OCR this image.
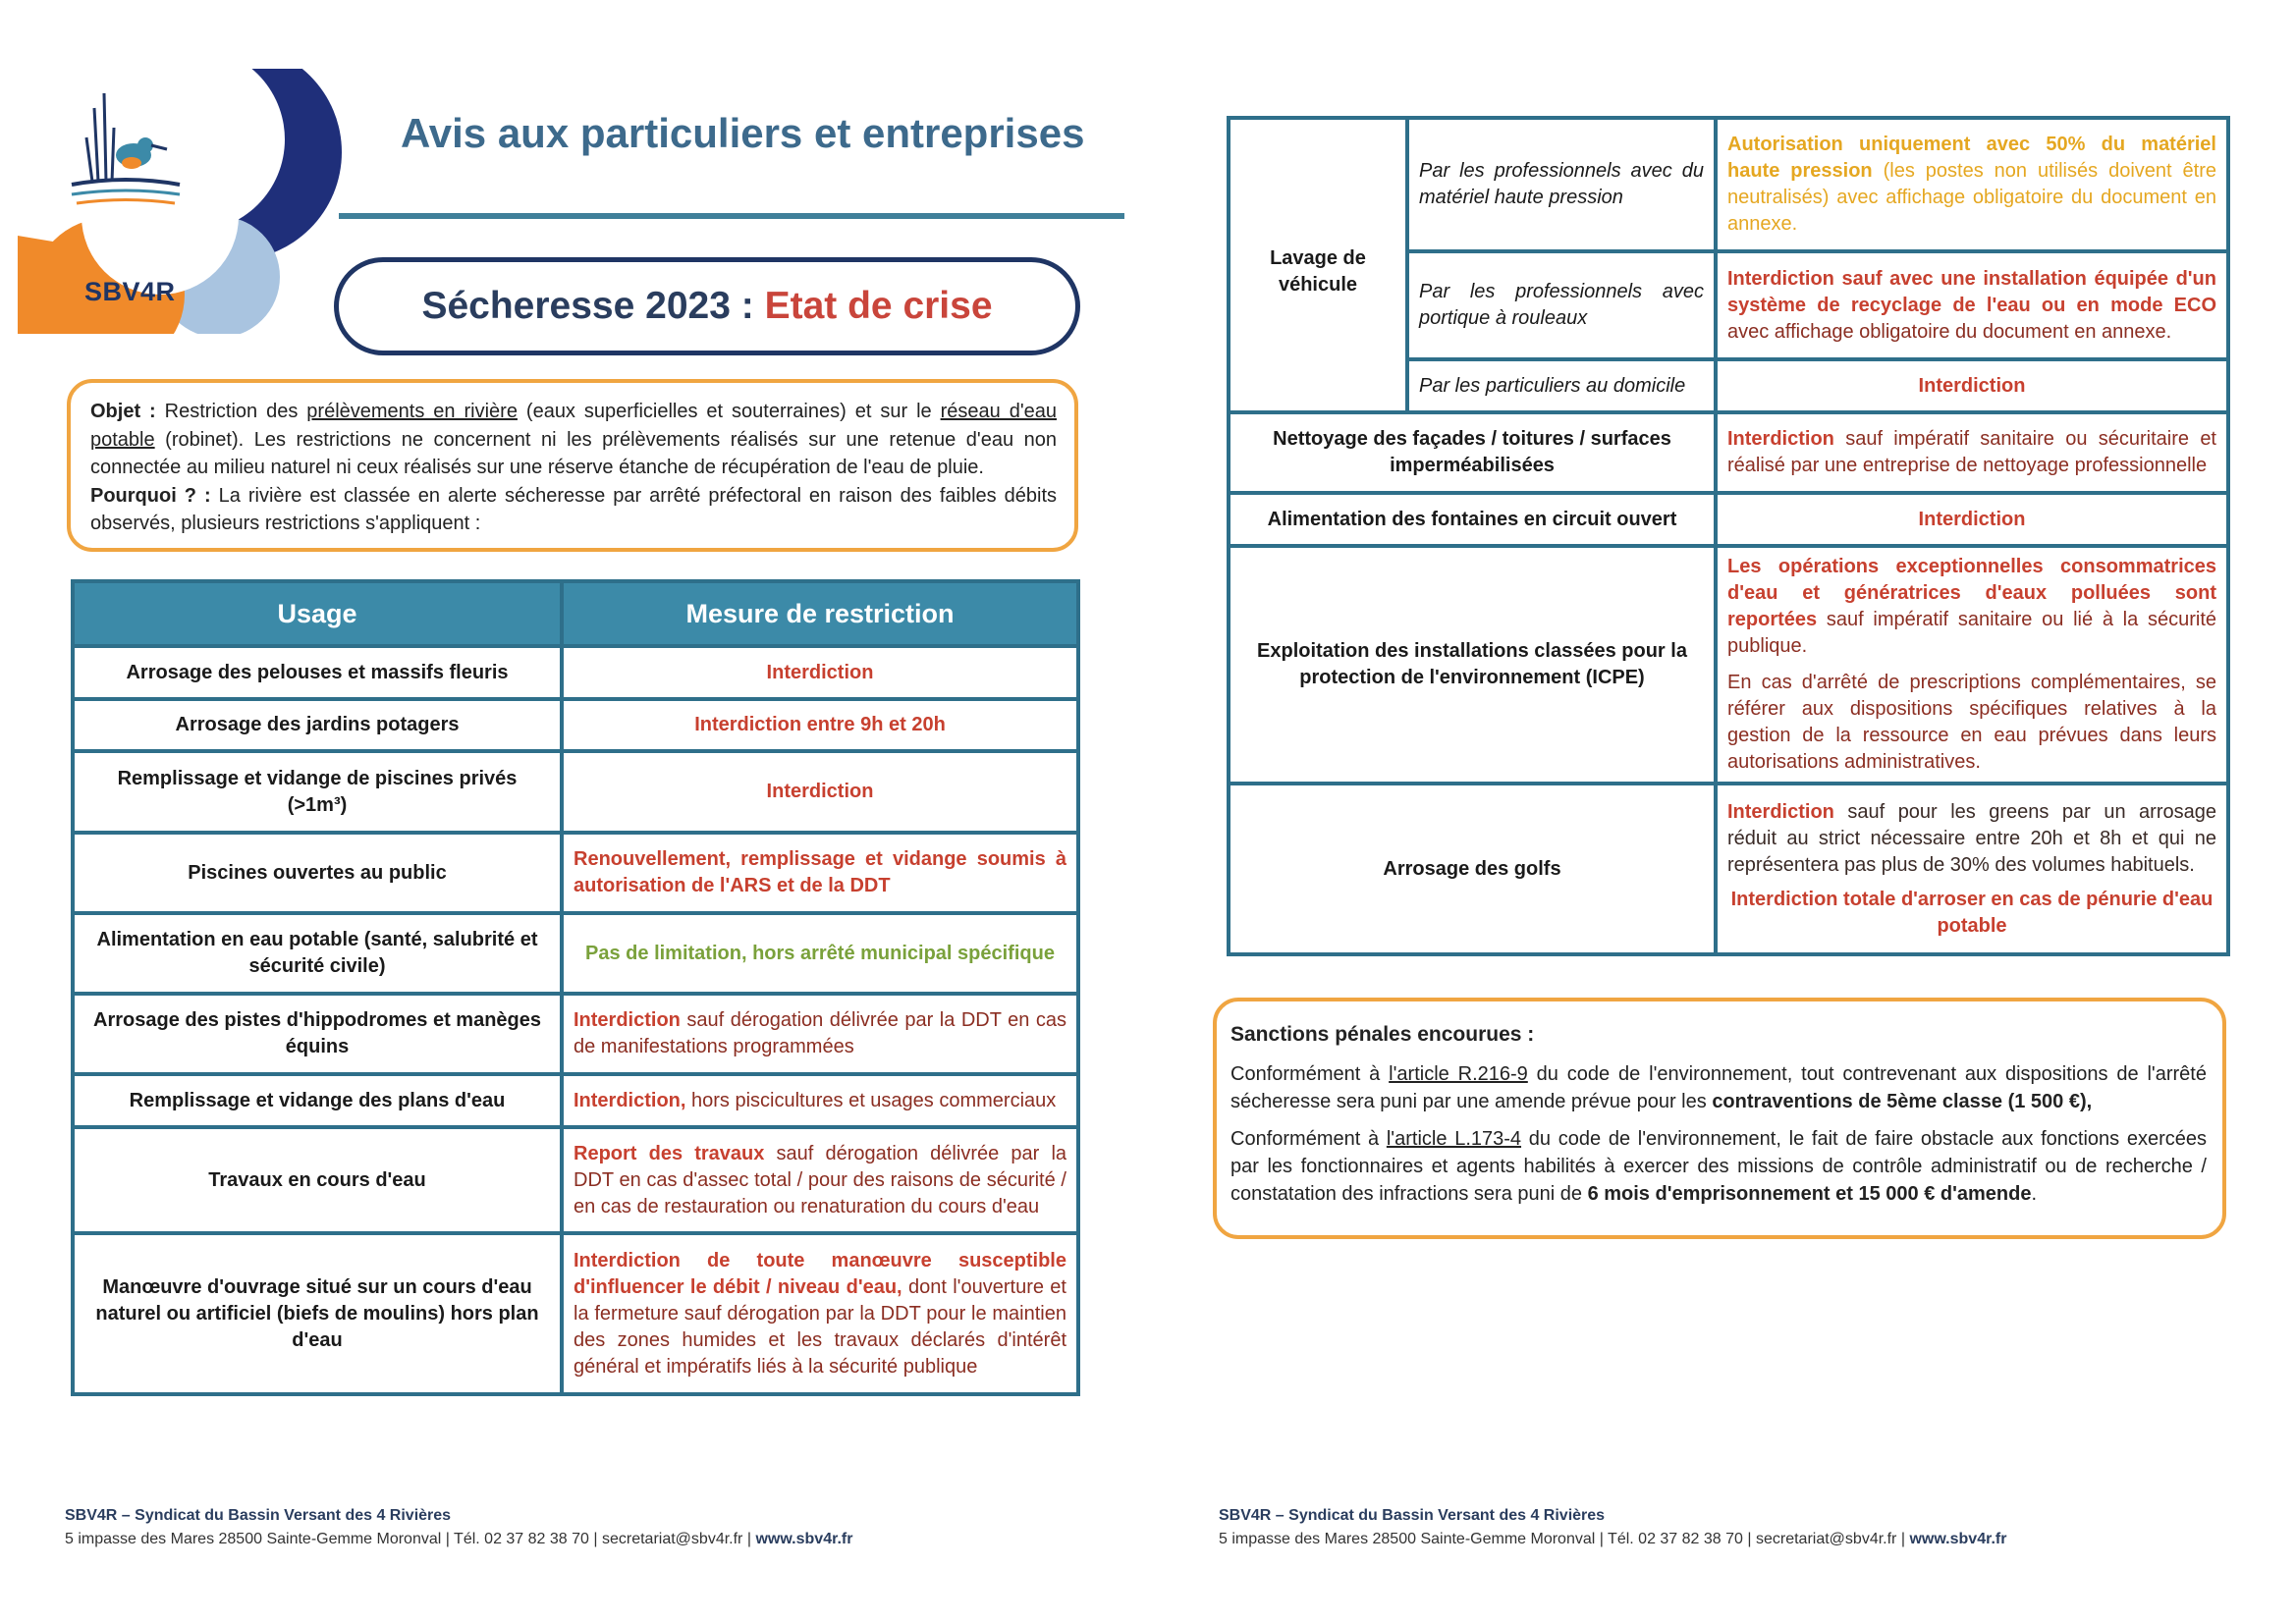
SBV4R
Avis aux particuliers et entreprises
Sécheresse 2023 : Etat de crise
Objet : Restriction des prélèvements en rivière (eaux superficielles et souterraines) et sur le réseau d'eau potable (robinet). Les restrictions ne concernent ni les prélèvements réalisés sur une retenue d'eau non connectée au milieu naturel ni ceux réalisés sur une réserve étanche de récupération de l'eau de pluie.
Pourquoi ? : La rivière est classée en alerte sécheresse par arrêté préfectoral en raison des faibles débits observés, plusieurs restrictions s'appliquent :
Usage	Mesure de restriction
Arrosage des pelouses et massifs fleuris	Interdiction
Arrosage des jardins potagers	Interdiction entre 9h et 20h
Remplissage et vidange de piscines privés
(>1m³)	Interdiction
Piscines ouvertes au public	Renouvellement, remplissage et vidange soumis à autorisation de l'ARS et de la DDT
Alimentation en eau potable (santé, salubrité et sécurité civile)	Pas de limitation, hors arrêté municipal spécifique
Arrosage des pistes d'hippodromes et manèges équins	Interdiction sauf dérogation délivrée par la DDT en cas de manifestations programmées
Remplissage et vidange des plans d'eau	Interdiction, hors piscicultures et usages commerciaux
Travaux en cours d'eau	Report des travaux sauf dérogation délivrée par la DDT en cas d'assec total / pour des raisons de sécurité / en cas de restauration ou renaturation du cours d'eau
Manœuvre d'ouvrage situé sur un cours d'eau naturel ou artificiel (biefs de moulins) hors plan d'eau	Interdiction de toute manœuvre susceptible d'influencer le débit / niveau d'eau, dont l'ouverture et la fermeture sauf dérogation par la DDT pour le maintien des zones humides et les travaux déclarés d'intérêt général et impératifs liés à la sécurité publique
SBV4R – Syndicat du Bassin Versant des 4 Rivières
5 impasse des Mares 28500 Sainte-Gemme Moronval | Tél. 02 37 82 38 70 | secretariat@sbv4r.fr | www.sbv4r.fr
Lavage de véhicule	Par les professionnels avec du matériel haute pression	Autorisation uniquement avec 50% du matériel haute pression (les postes non utilisés doivent être neutralisés) avec affichage obligatoire du document en annexe.
	Par les professionnels avec portique à rouleaux	Interdiction sauf avec une installation équipée d'un système de recyclage de l'eau ou en mode ECO avec affichage obligatoire du document en annexe.
	Par les particuliers au domicile	Interdiction
Nettoyage des façades / toitures / surfaces imperméabilisées		Interdiction sauf impératif sanitaire ou sécuritaire et réalisé par une entreprise de nettoyage professionnelle
Alimentation des fontaines en circuit ouvert		Interdiction
Exploitation des installations classées pour la protection de l'environnement (ICPE)		Les opérations exceptionnelles consommatrices d'eau et génératrices d'eaux polluées sont reportées sauf impératif sanitaire ou lié à la sécurité publique.
En cas d'arrêté de prescriptions complémentaires, se référer aux dispositions spécifiques relatives à la gestion de la ressource en eau prévues dans leurs autorisations administratives.

Arrosage des golfs		Interdiction sauf pour les greens par un arrosage réduit au strict nécessaire entre 20h et 8h et qui ne représentera pas plus de 30% des volumes habituels.
Interdiction totale d'arroser en cas de pénurie d'eau potable

Sanctions pénales encourues :

Conformément à l'article R.216-9 du code de l'environnement, tout contrevenant aux dispositions de l'arrêté sécheresse sera puni par une amende prévue pour les contraventions de 5ème classe (1 500 €),

Conformément à l'article L.173-4 du code de l'environnement, le fait de faire obstacle aux fonctions exercées par les fonctionnaires et agents habilités à exercer des missions de contrôle administratif ou de recherche / constatation des infractions sera puni de 6 mois d'emprisonnement et 15 000 € d'amende.

SBV4R – Syndicat du Bassin Versant des 4 Rivières
5 impasse des Mares 28500 Sainte-Gemme Moronval | Tél. 02 37 82 38 70 | secretariat@sbv4r.fr | www.sbv4r.fr
